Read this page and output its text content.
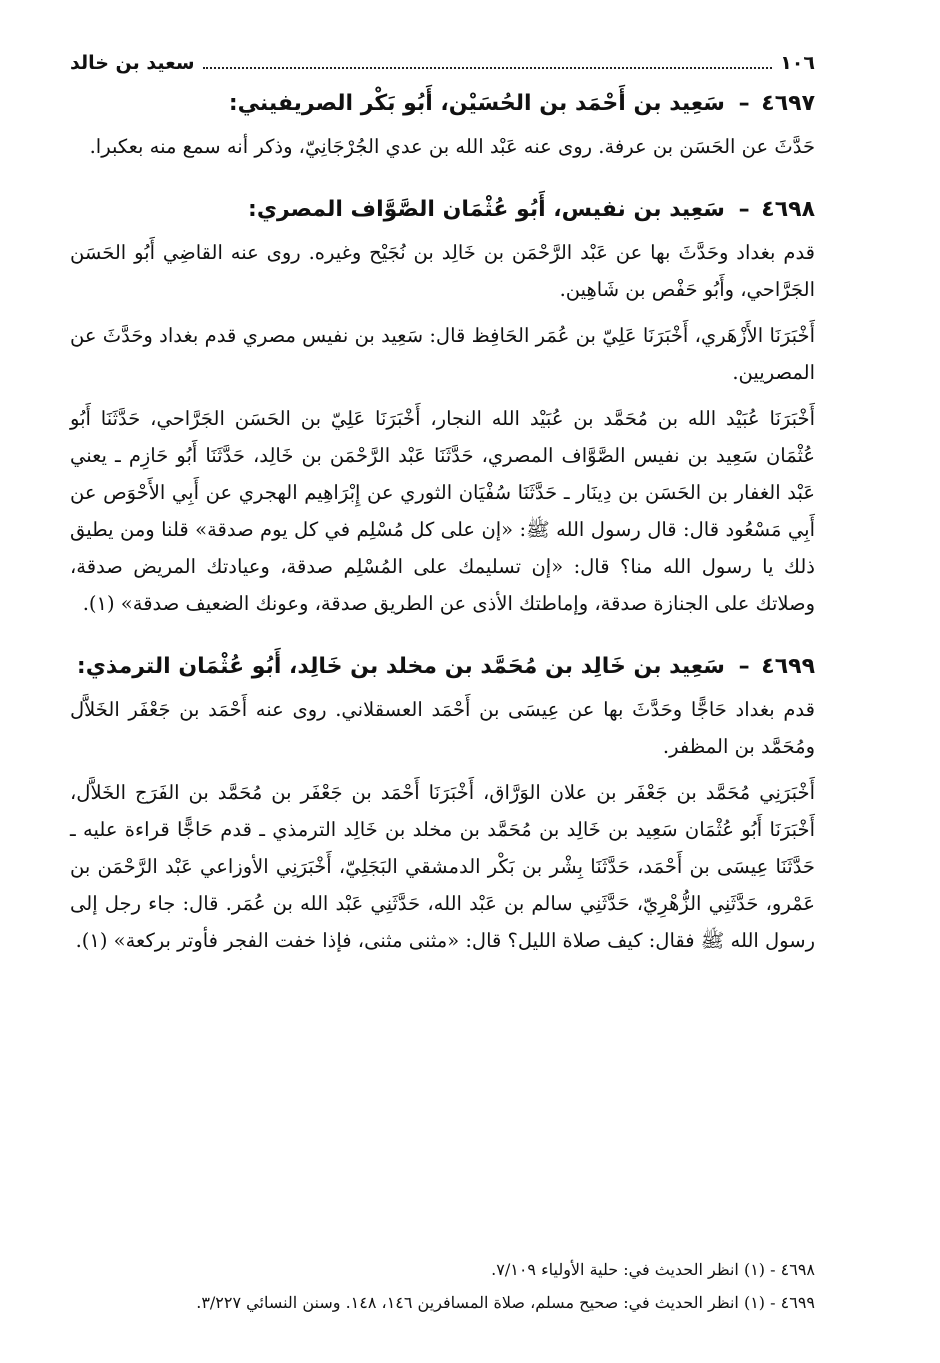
١٠٦
سعيد بن خالد
٤٦٩٧ – سَعِيد بن أَحْمَد بن الحُسَيْن، أَبُو بَكْر الصريفيني:

حَدَّثَ عن الحَسَن بن عرفة. روى عنه عَبْد الله بن عدي الجُرْجَانِيّ، وذكر أنه سمع منه بعكبرا.

٤٦٩٨ – سَعِيد بن نفيس، أَبُو عُثْمَان الصَّوَّاف المصري:

قدم بغداد وحَدَّثَ بها عن عَبْد الرَّحْمَن بن خَالِد بن نُجَيْح وغيره. روى عنه القاضِي أَبُو الحَسَن الجَرَّاحي، وأَبُو حَفْص بن شَاهِين.

أَخْبَرَنَا الأَزْهَري، أَخْبَرَنَا عَلِيّ بن عُمَر الحَافِظ قال: سَعِيد بن نفيس مصري قدم بغداد وحَدَّثَ عن المصريين.

أَخْبَرَنَا عُبَيْد الله بن مُحَمَّد بن عُبَيْد الله النجار، أَخْبَرَنَا عَلِيّ بن الحَسَن الجَرَّاحي، حَدَّثَنَا أَبُو عُثْمَان سَعِيد بن نفيس الصَّوَّاف المصري، حَدَّثَنَا عَبْد الرَّحْمَن بن خَالِد، حَدَّثَنَا أَبُو حَازِم ـ يعني عَبْد الغفار بن الحَسَن بن دِينَار ـ حَدَّثَنَا سُفْيَان الثوري عن إِبْرَاهِيم الهجري عن أَبِي الأَحْوَص عن أَبِي مَسْعُود قال: قال رسول الله ﷺ: «إن على كل مُسْلِم في كل يوم صدقة» قلنا ومن يطيق ذلك يا رسول الله منا؟ قال: «إن تسليمك على المُسْلِم صدقة، وعيادتك المريض صدقة، وصلاتك على الجنازة صدقة، وإماطتك الأذى عن الطريق صدقة، وعونك الضعيف صدقة» (١).

٤٦٩٩ – سَعِيد بن خَالِد بن مُحَمَّد بن مخلد بن خَالِد، أَبُو عُثْمَان الترمذي:

قدم بغداد حَاجًّا وحَدَّثَ بها عن عِيسَى بن أَحْمَد العسقلاني. روى عنه أَحْمَد بن جَعْفَر الخَلاَّل ومُحَمَّد بن المظفر.

أَخْبَرَنِي مُحَمَّد بن جَعْفَر بن علان الوَرَّاق، أَخْبَرَنَا أَحْمَد بن جَعْفَر بن مُحَمَّد بن الفَرَج الخَلاَّل، أَخْبَرَنَا أَبُو عُثْمَان سَعِيد بن خَالِد بن مُحَمَّد بن مخلد بن خَالِد الترمذي ـ قدم حَاجًّا قراءة عليه ـ حَدَّثَنَا عِيسَى بن أَحْمَد، حَدَّثَنَا بِشْر بن بَكْر الدمشقي البَجَلِيّ، أَخْبَرَنِي الأوزاعي عَبْد الرَّحْمَن بن عَمْرو، حَدَّثَنِي الزُّهْرِيّ، حَدَّثَنِي سالم بن عَبْد الله، حَدَّثَنِي عَبْد الله بن عُمَر. قال: جاء رجل إلى رسول الله ﷺ فقال: كيف صلاة الليل؟ قال: «مثنى مثنى، فإذا خفت الفجر فأوتر بركعة» (١).

٤٦٩٨ - (١) انظر الحديث في: حلية الأولياء ٧/١٠٩.
٤٦٩٩ - (١) انظر الحديث في: صحيح مسلم، صلاة المسافرين ١٤٦، ١٤٨. وسنن النسائي ٣/٢٢٧.
